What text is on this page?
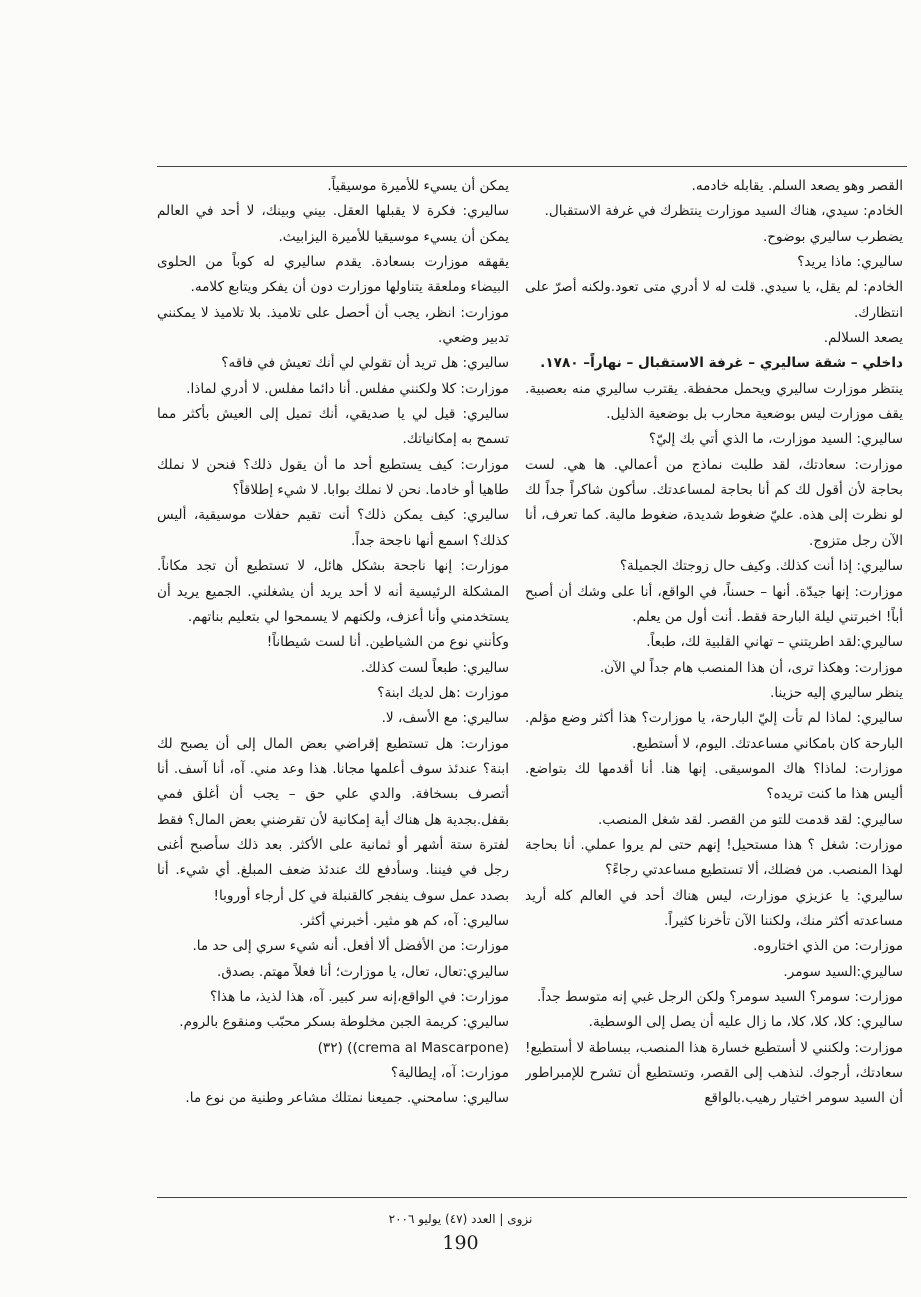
القصر وهو يصعد السلم. يقابله خادمه.

الخادم: سيدي، هناك السيد موزارت ينتظرك في غرفة الاستقبال.

يضطرب ساليري بوضوح.

ساليري: ماذا يريد؟

الخادم: لم يقل، يا سيدي. قلت له لا أدري متى تعود.ولكنه أصرّ على انتظارك.

يصعد السلالم.

داخلي – شقة ساليري – غرفة الاستقبال – نهاراً– ١٧٨٠.

ينتظر موزارت ساليري ويحمل محفظة. يقترب ساليري منه بعصبية. يقف موزارت ليس بوضعية محارب بل بوضعية الذليل.

ساليري: السيد موزارت، ما الذي أتي بك إليّ؟

موزارت: سعادتك، لقد طلبت نماذج من أعمالي. ها هي. لست بحاجة لأن أقول لك كم أنا بحاجة لمساعدتك. سأكون شاكراً جداً لك لو نظرت إلى هذه. عليّ ضغوط شديدة، ضغوط مالية. كما تعرف، أنا الآن رجل متزوج.

ساليري: إذا أنت كذلك. وكيف حال زوجتك الجميلة؟

موزارت: إنها جيدّة. أنها – حسناً، في الواقع، أنا على وشك أن أصبح أباً! اخبرتني ليلة البارحة فقط. أنت أول من يعلم.

ساليري:لقد اطريتني – تهاني القلبية لك، طبعاً.

موزارت: وهكذا ترى، أن هذا المنصب هام جداً لي الآن.

ينظر ساليري إليه حزينا.

ساليري: لماذا لم تأت إليّ البارحة، يا موزارت؟ هذا أكثر وضع مؤلم. البارحة كان بامكاني مساعدتك. اليوم، لا أستطيع.

موزارت: لماذا؟ هاك الموسيقى. إنها هنا. أنا أقدمها لك بتواضع. أليس هذا ما كنت تريده؟

ساليري: لقد قدمت للتو من القصر. لقد شغل المنصب.

موزارت: شغل ؟ هذا مستحيل! إنهم حتى لم يروا عملي. أنا بحاجة لهذا المنصب. من فضلك، ألا تستطيع مساعدتي رجاءً؟

ساليري: يا عزيزي موزارت، ليس هناك أحد في العالم كله أريد مساعدته أكثر منك، ولكننا الآن تأخرنا كثيراً.

موزارت: من الذي اختاروه.

ساليري:السيد سومر.

موزارت: سومر؟ السيد سومر؟ ولكن الرجل غبي إنه متوسط جداً.

ساليري: كلا، كلا، كلا، ما زال عليه أن يصل إلى الوسطية.

موزارت: ولكنني لا أستطيع خسارة هذا المنصب، ببساطة لا أستطيع! سعادتك، أرجوك. لنذهب إلى القصر، وتستطيع أن تشرح للإمبراطور أن السيد سومر اختيار رهيب.بالواقع

يمكن أن يسيء للأميرة موسيقياً.

ساليري: فكرة لا يقبلها العقل. بيني وبينك، لا أحد في العالم يمكن أن يسيء موسيقيا للأميرة اليزابيث.

يقهقه موزارت بسعادة. يقدم ساليري له كوباً من الحلوى البيضاء وملعقة يتناولها موزارت دون أن يفكر ويتابع كلامه.

موزارت: انظر، يجب أن أحصل على تلاميذ. بلا تلاميذ لا يمكنني تدبير وضعي.

ساليري: هل تريد أن تقولي لي أنك تعيش في فاقه؟

موزارت: كلا ولكنني مفلس. أنا دائما مفلس. لا أدري لماذا.

ساليري: قيل لي يا صديقي، أنك تميل إلى العيش بأكثر مما تسمح به إمكانياتك.

موزارت: كيف يستطيع أحد ما أن يقول ذلك؟ فنحن لا نملك طاهيا أو خادما. نحن لا نملك بوابا. لا شيء إطلاقاً؟

ساليري: كيف يمكن ذلك؟ أنت تقيم حفلات موسيقية، أليس كذلك؟ اسمع أنها ناجحة جداً.

موزارت: إنها ناجحة بشكل هائل، لا تستطيع أن تجد مكاناً. المشكلة الرئيسية أنه لا أحد يريد أن يشغلني. الجميع يريد أن يستخدمني وأنا أعزف، ولكنهم لا يسمحوا لي بتعليم بناتهم.

وكأنني نوع من الشياطين. أنا لست شيطاناً!

ساليري: طبعاً لست كذلك.

موزارت :هل لديك ابنة؟

ساليري: مع الأسف، لا.

موزارت: هل تستطيع إقراضي بعض المال إلى أن يصبح لك ابنة؟ عندئذ سوف أعلمها مجانا. هذا وعد مني. آه، أنا آسف. أنا أتصرف بسخافة. والدي علي حق – يجب أن أغلق فمي بقفل.بجدية هل هناك أية إمكانية لأن تقرضني بعض المال؟ فقط لفترة ستة أشهر أو ثمانية على الأكثر. بعد ذلك سأصبح أغنى رجل في فيننا. وسأدفع لك عندئذ ضعف المبلغ. أي شيء. أنا بصدد عمل سوف ينفجر كالقنبلة في كل أرجاء أوروبا!

ساليري: آه، كم هو مثير. أخبرني أكثر.

موزارت: من الأفضل ألا أفعل. أنه شيء سري إلى حد ما.

ساليري:تعال، تعال، يا موزارت؛ أنا فعلاً مهتم. بصدق.

موزارت: في الواقع،إنه سر كبير. آه، هذا لذيذ، ما هذا؟

ساليري: كريمة الجبن مخلوطة بسكر محبّب ومنقوع بالروم.

(crema al Mascarpone)) (٣٢)

موزارت: آه، إيطالية؟

ساليري: سامحني. جميعنا نمتلك مشاعر وطنية من نوع ما.

نزوى | العدد (٤٧) يوليو ٢٠٠٦
190
